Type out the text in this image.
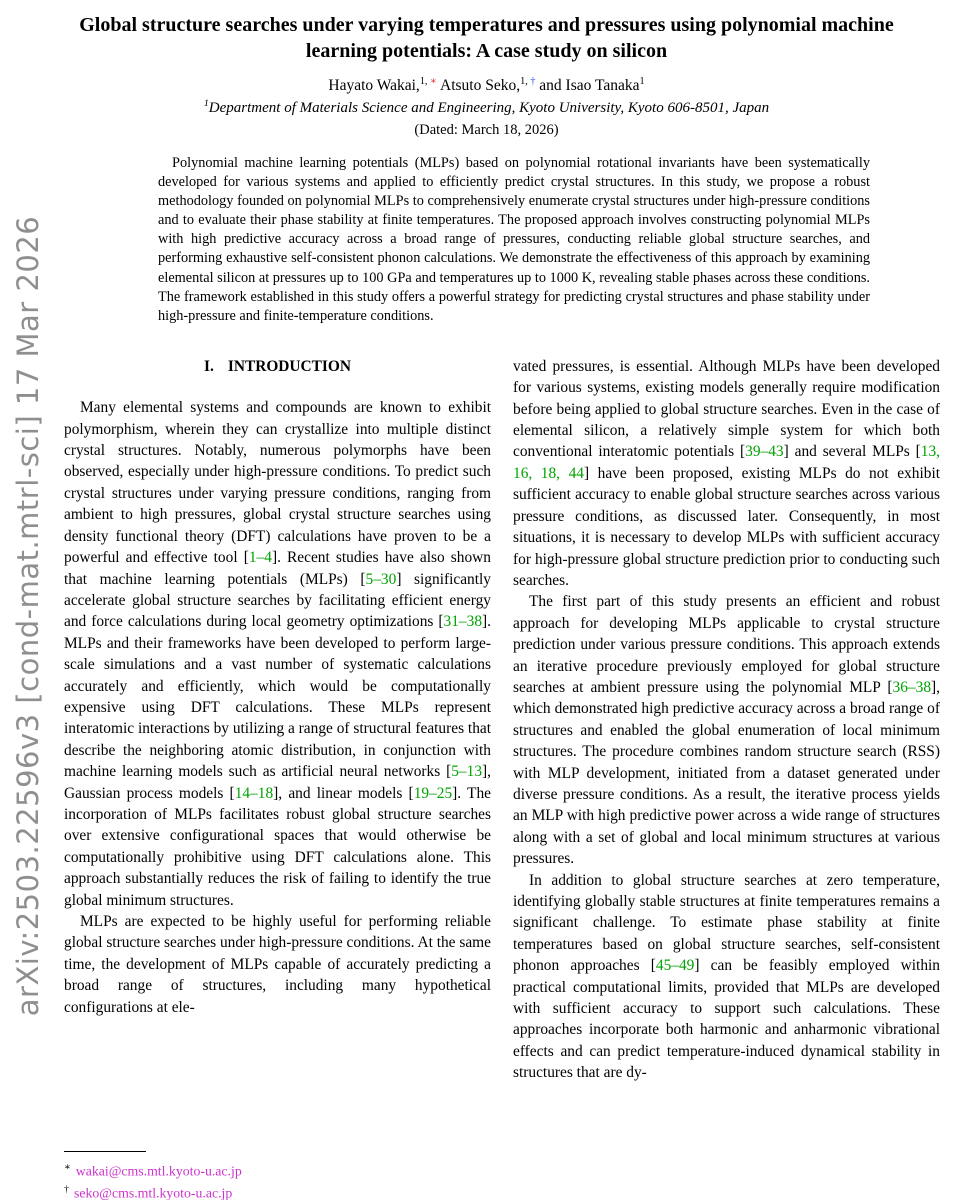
arXiv:2503.22596v3 [cond-mat.mtrl-sci] 17 Mar 2026
Global structure searches under varying temperatures and pressures using polynomial machine learning potentials: A case study on silicon
Hayato Wakai,$^{1,}$ ∗ Atsuto Seko,$^{1,}$ † and Isao Tanaka$^1$
$^1$Department of Materials Science and Engineering, Kyoto University, Kyoto 606-8501, Japan
(Dated: March 18, 2026)
Polynomial machine learning potentials (MLPs) based on polynomial rotational invariants have been systematically developed for various systems and applied to efficiently predict crystal structures. In this study, we propose a robust methodology founded on polynomial MLPs to comprehensively enumerate crystal structures under high-pressure conditions and to evaluate their phase stability at finite temperatures. The proposed approach involves constructing polynomial MLPs with high predictive accuracy across a broad range of pressures, conducting reliable global structure searches, and performing exhaustive self-consistent phonon calculations. We demonstrate the effectiveness of this approach by examining elemental silicon at pressures up to 100 GPa and temperatures up to 1000 K, revealing stable phases across these conditions. The framework established in this study offers a powerful strategy for predicting crystal structures and phase stability under high-pressure and finite-temperature conditions.
I. INTRODUCTION

Many elemental systems and compounds are known to exhibit polymorphism, wherein they can crystallize into multiple distinct crystal structures. Notably, numerous polymorphs have been observed, especially under high-pressure conditions. To predict such crystal structures under varying pressure conditions, ranging from ambient to high pressures, global crystal structure searches using density functional theory (DFT) calculations have proven to be a powerful and effective tool [1–4]. Recent studies have also shown that machine learning potentials (MLPs) [5–30] significantly accelerate global structure searches by facilitating efficient energy and force calculations during local geometry optimizations [31–38]. MLPs and their frameworks have been developed to perform large-scale simulations and a vast number of systematic calculations accurately and efficiently, which would be computationally expensive using DFT calculations. These MLPs represent interatomic interactions by utilizing a range of structural features that describe the neighboring atomic distribution, in conjunction with machine learning models such as artificial neural networks [5–13], Gaussian process models [14–18], and linear models [19–25]. The incorporation of MLPs facilitates robust global structure searches over extensive configurational spaces that would otherwise be computationally prohibitive using DFT calculations alone. This approach substantially reduces the risk of failing to identify the true global minimum structures.

MLPs are expected to be highly useful for performing reliable global structure searches under high-pressure conditions. At the same time, the development of MLPs capable of accurately predicting a broad range of structures, including many hypothetical configurations at ele-

vated pressures, is essential. Although MLPs have been developed for various systems, existing models generally require modification before being applied to global structure searches. Even in the case of elemental silicon, a relatively simple system for which both conventional interatomic potentials [39–43] and several MLPs [13, 16, 18, 44] have been proposed, existing MLPs do not exhibit sufficient accuracy to enable global structure searches across various pressure conditions, as discussed later. Consequently, in most situations, it is necessary to develop MLPs with sufficient accuracy for high-pressure global structure prediction prior to conducting such searches.

The first part of this study presents an efficient and robust approach for developing MLPs applicable to crystal structure prediction under various pressure conditions. This approach extends an iterative procedure previously employed for global structure searches at ambient pressure using the polynomial MLP [36–38], which demonstrated high predictive accuracy across a broad range of structures and enabled the global enumeration of local minimum structures. The procedure combines random structure search (RSS) with MLP development, initiated from a dataset generated under diverse pressure conditions. As a result, the iterative process yields an MLP with high predictive power across a wide range of structures along with a set of global and local minimum structures at various pressures.

In addition to global structure searches at zero temperature, identifying globally stable structures at finite temperatures remains a significant challenge. To estimate phase stability at finite temperatures based on global structure searches, self-consistent phonon approaches [45–49] can be feasibly employed within practical computational limits, provided that MLPs are developed with sufficient accuracy to support such calculations. These approaches incorporate both harmonic and anharmonic vibrational effects and can predict temperature-induced dynamical stability in structures that are dy-

∗ wakai@cms.mtl.kyoto-u.ac.jp
† seko@cms.mtl.kyoto-u.ac.jp
